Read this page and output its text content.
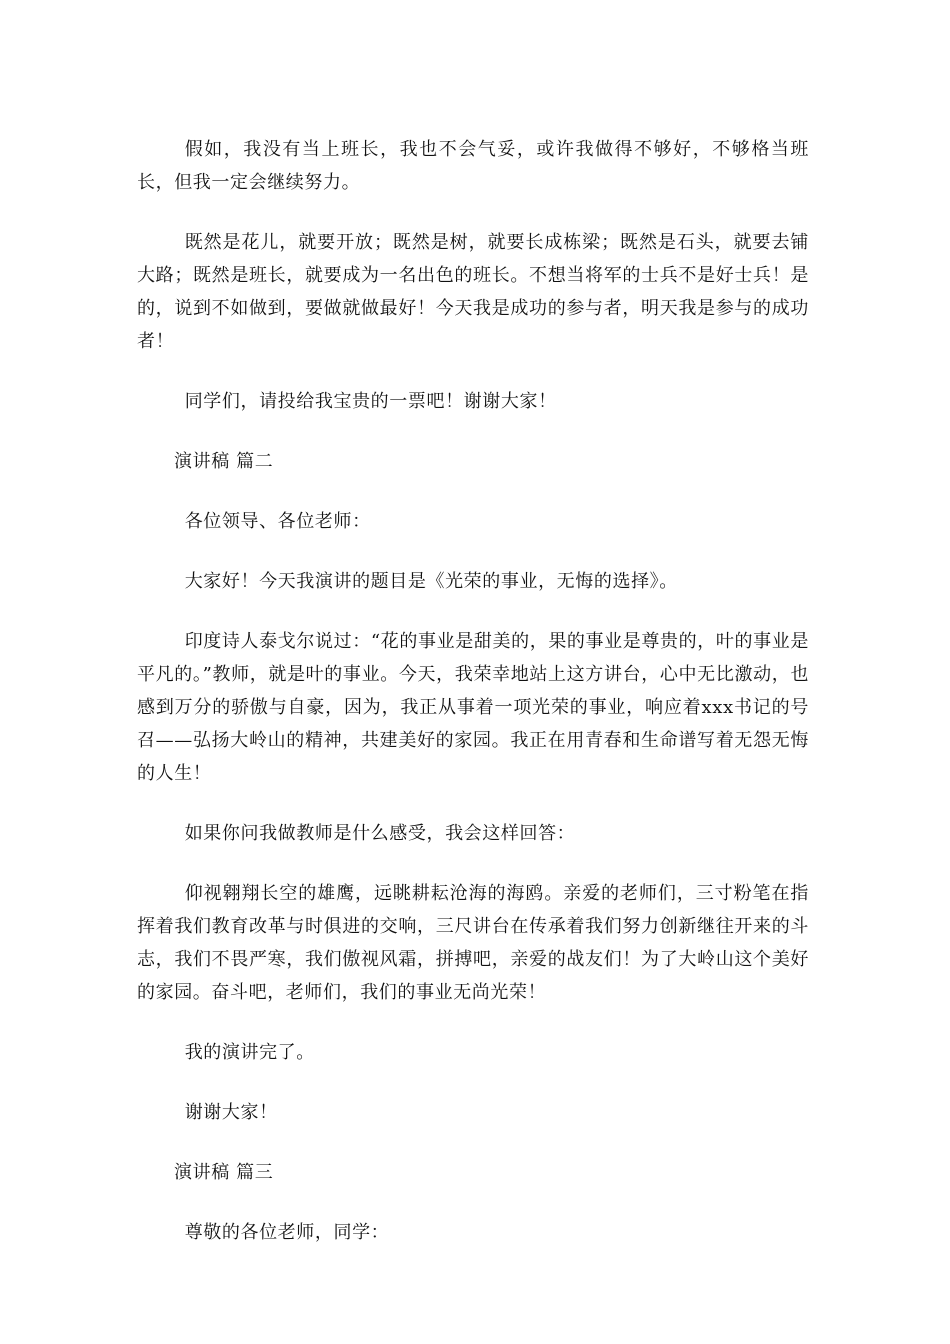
假如，我没有当上班长，我也不会气妥，或许我做得不够好，不够格当班长，但我一定会继续努力。

既然是花儿，就要开放；既然是树，就要长成栋梁；既然是石头，就要去铺大路；既然是班长，就要成为一名出色的班长。不想当将军的士兵不是好士兵！是的，说到不如做到，要做就做最好！今天我是成功的参与者，明天我是参与的成功者！

同学们，请投给我宝贵的一票吧！谢谢大家！

演讲稿 篇二

各位领导、各位老师：

大家好！今天我演讲的题目是《光荣的事业，无悔的选择》。

印度诗人泰戈尔说过：“花的事业是甜美的，果的事业是尊贵的，叶的事业是平凡的。”教师，就是叶的事业。今天，我荣幸地站上这方讲台，心中无比激动，也感到万分的骄傲与自豪，因为，我正从事着一项光荣的事业，响应着xxx书记的号召——弘扬大岭山的精神，共建美好的家园。我正在用青春和生命谱写着无怨无悔的人生！

如果你问我做教师是什么感受，我会这样回答：

仰视翱翔长空的雄鹰，远眺耕耘沧海的海鸥。亲爱的老师们，三寸粉笔在指挥着我们教育改革与时俱进的交响，三尺讲台在传承着我们努力创新继往开来的斗志，我们不畏严寒，我们傲视风霜，拼搏吧，亲爱的战友们！为了大岭山这个美好的家园。奋斗吧，老师们，我们的事业无尚光荣！

我的演讲完了。

谢谢大家！

演讲稿 篇三

尊敬的各位老师，同学：
